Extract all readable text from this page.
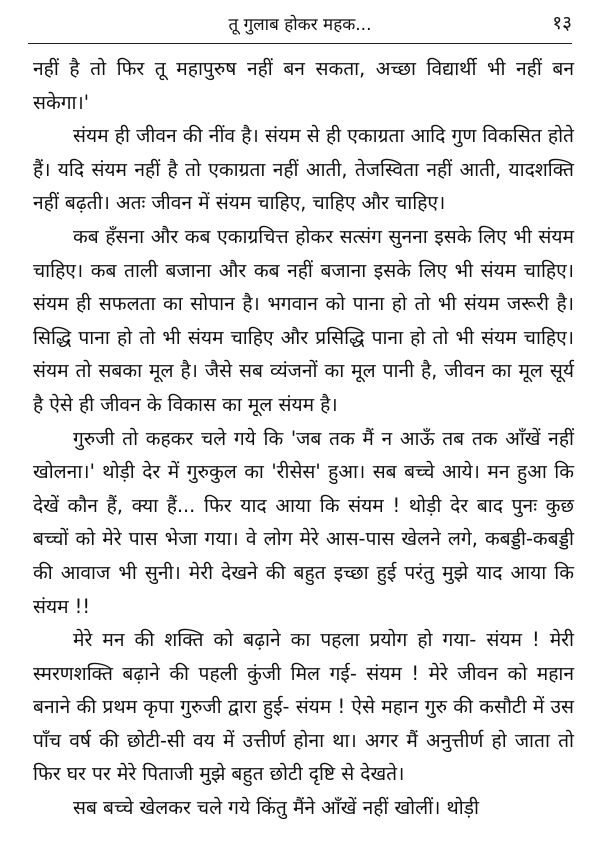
तू गुलाब होकर महक...	१३

नहीं है तो फिर तू महापुरुष नहीं बन सकता, अच्छा विद्यार्थी भी नहीं बन सकेगा।'

संयम ही जीवन की नींव है। संयम से ही एकाग्रता आदि गुण विकसित होते हैं। यदि संयम नहीं है तो एकाग्रता नहीं आती, तेजस्विता नहीं आती, यादशक्ति नहीं बढ़ती। अतः जीवन में संयम चाहिए, चाहिए और चाहिए।

कब हँसना और कब एकाग्रचित्त होकर सत्संग सुनना इसके लिए भी संयम चाहिए। कब ताली बजाना और कब नहीं बजाना इसके लिए भी संयम चाहिए। संयम ही सफलता का सोपान है। भगवान को पाना हो तो भी संयम जरूरी है। सिद्धि पाना हो तो भी संयम चाहिए और प्रसिद्धि पाना हो तो भी संयम चाहिए। संयम तो सबका मूल है। जैसे सब व्यंजनों का मूल पानी है, जीवन का मूल सूर्य है ऐसे ही जीवन के विकास का मूल संयम है।

गुरुजी तो कहकर चले गये कि 'जब तक मैं न आऊँ तब तक आँखें नहीं खोलना।' थोड़ी देर में गुरुकुल का 'रीसेस' हुआ। सब बच्चे आये। मन हुआ कि देखें कौन हैं, क्या हैं... फिर याद आया कि संयम ! थोड़ी देर बाद पुनः कुछ बच्चों को मेरे पास भेजा गया। वे लोग मेरे आस-पास खेलने लगे, कबड्डी-कबड्डी की आवाज भी सुनी। मेरी देखने की बहुत इच्छा हुई परंतु मुझे याद आया कि संयम !!

मेरे मन की शक्ति को बढ़ाने का पहला प्रयोग हो गया- संयम ! मेरी स्मरणशक्ति बढ़ाने की पहली कुंजी मिल गई- संयम ! मेरे जीवन को महान बनाने की प्रथम कृपा गुरुजी द्वारा हुई- संयम ! ऐसे महान गुरु की कसौटी में उस पाँच वर्ष की छोटी-सी वय में उत्तीर्ण होना था। अगर मैं अनुत्तीर्ण हो जाता तो फिर घर पर मेरे पिताजी मुझे बहुत छोटी दृष्टि से देखते।

सब बच्चे खेलकर चले गये किंतु मैंने आँखें नहीं खोलीं। थोड़ी
